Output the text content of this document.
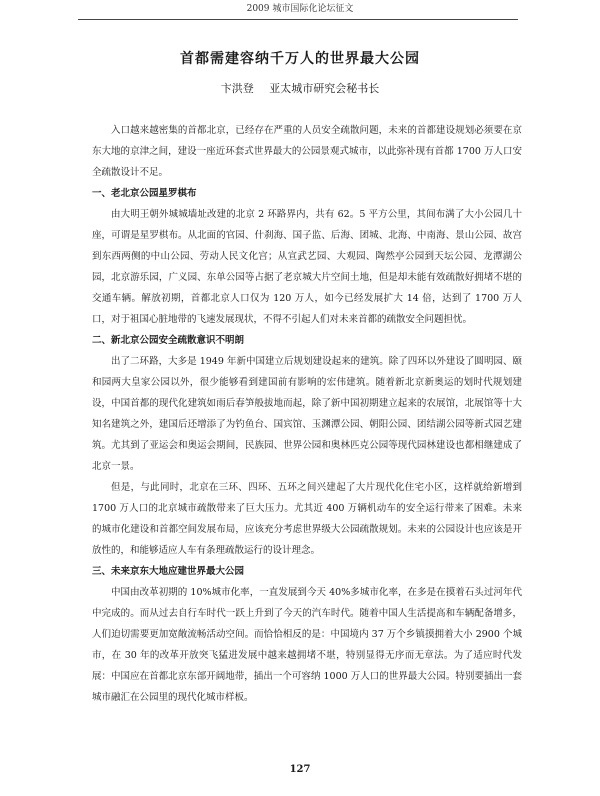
2009 城市国际化论坛征文
首都需建容纳千万人的世界最大公园
卞洪登 亚太城市研究会秘书长

入口越来越密集的首都北京，已经存在严重的人员安全疏散问题，未来的首都建设规划必须要在京东大地的京津之间，建设一座近环套式世界最大的公园景观式城市，以此弥补现有首都 1700 万人口安全疏散设计不足。

一、老北京公园星罗棋布

由大明王朝外城城墙址改建的北京 2 环路界内，共有 62。5 平方公里，其间布满了大小公园几十座，可谓是星罗棋布。从北面的官园、什刹海、国子监、后海、团城、北海、中南海、景山公园、故宫到东西两侧的中山公园、劳动人民文化宫；从宣武艺园、大观园、陶然亭公园到天坛公园、龙潭湖公园，北京游乐园，广义园、东单公园等占据了老京城大片空间土地，但是却未能有效疏散好拥堵不堪的交通车辆。解放初期，首都北京人口仅为 120 万人，如今已经发展扩大 14 倍，达到了 1700 万人口，对于祖国心脏地带的飞速发展现状，不得不引起人们对未来首都的疏散安全问题担忧。

二、新北京公园安全疏散意识不明朗

出了二环路，大多是 1949 年新中国建立后规划建设起来的建筑。除了四环以外建设了圆明园、颐和园两大皇家公园以外，很少能够看到建国前有影响的宏伟建筑。随着新北京新奥运的划时代规划建设，中国首都的现代化建筑如雨后春笋般拔地而起，除了新中国初期建立起来的农展馆，北展馆等十大知名建筑之外，建国后还增添了为钓鱼台、国宾馆、玉渊潭公园、朝阳公园、团结湖公园等新式园艺建筑。尤其到了亚运会和奥运会期间，民族园、世界公园和奥林匹克公园等现代园林建设也都相继建成了北京一景。

但是，与此同时，北京在三环、四环、五环之间兴建起了大片现代化住宅小区，这样就给新增到 1700 万人口的北京城市疏散带来了巨大压力。尤其近 400 万辆机动车的安全运行带来了困难。未来的城市化建设和首都空间发展布局，应该充分考虑世界级大公园疏散规划。未来的公园设计也应该是开放性的，和能够适应人车有条理疏散运行的设计理念。

三、未来京东大地应建世界最大公园

中国由改革初期的 10%城市化率，一直发展到今天 40%多城市化率，在多是在摸着石头过河年代中完成的。而从过去自行车时代一跃上升到了今天的汽车时代。随着中国人生活提高和车辆配备增多，人们迫切需要更加宽敞流畅活动空间。而恰恰相反的是：中国境内 37 万个乡镇摸拥着大小 2900 个城市，在 30 年的改革开放突飞猛进发展中越来越拥堵不堪，特别显得无序而无章法。为了适应时代发展：中国应在首都北京东部开阔地带，插出一个可容纳 1000 万人口的世界最大公园。特别要插出一套城市融汇在公园里的现代化城市样板。

127
